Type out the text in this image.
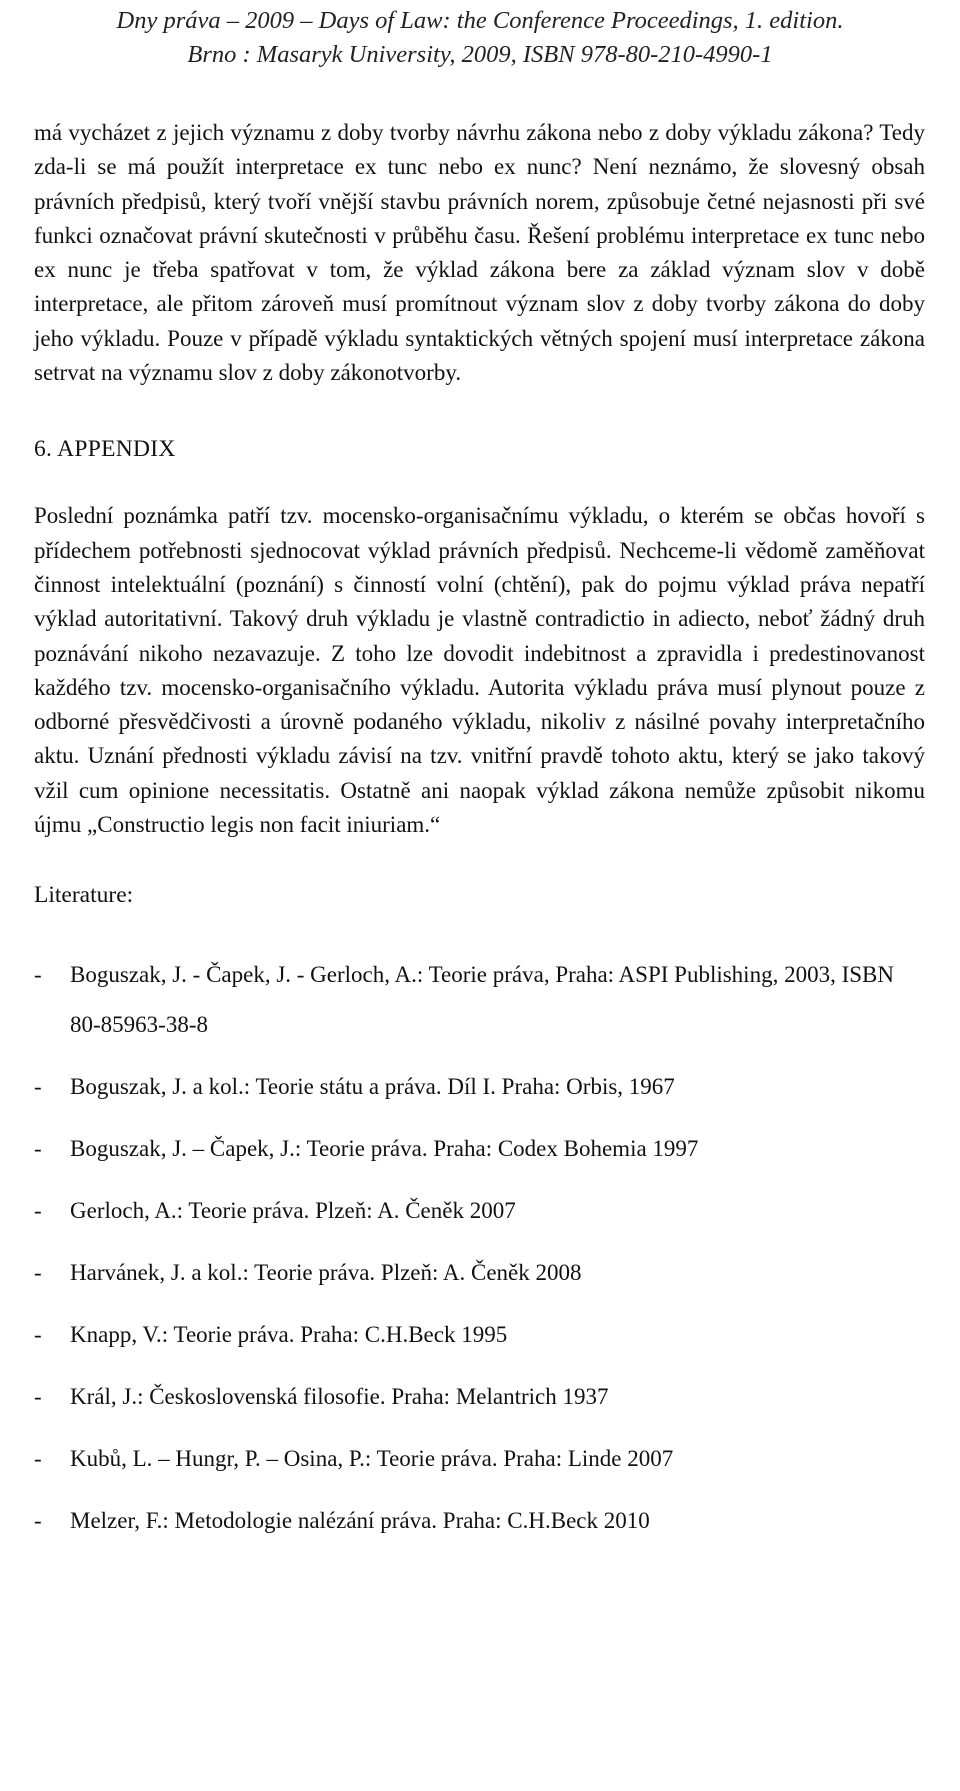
Dny práva – 2009 – Days of Law: the Conference Proceedings, 1. edition.
Brno : Masaryk University, 2009, ISBN 978-80-210-4990-1

má vycházet z jejich významu z doby tvorby návrhu zákona nebo z doby výkladu zákona? Tedy zda-li se má použít interpretace ex tunc nebo ex nunc? Není neznámo, že slovesný obsah právních předpisů, který tvoří vnější stavbu právních norem, způsobuje četné nejasnosti při své funkci označovat právní skutečnosti v průběhu času. Řešení problému interpretace ex tunc nebo ex nunc je třeba spatřovat v tom, že výklad zákona bere za základ význam slov v době interpretace, ale přitom zároveň musí promítnout význam slov z doby tvorby zákona do doby jeho výkladu. Pouze v případě výkladu syntaktických větných spojení musí interpretace zákona setrvat na významu slov z doby zákonotvorby.

6. APPENDIX

Poslední poznámka patří tzv. mocensko-organisačnímu výkladu, o kterém se občas hovoří s přídechem potřebnosti sjednocovat výklad právních předpisů. Nechceme-li vědomě zaměňovat činnost intelektuální (poznání) s činností volní (chtění), pak do pojmu výklad práva nepatří výklad autoritativní. Takový druh výkladu je vlastně contradictio in adiecto, neboť žádný druh poznávání nikoho nezavazuje. Z toho lze dovodit indebitnost a zpravidla i predestinovanost každého tzv. mocensko-organisačního výkladu. Autorita výkladu práva musí plynout pouze z odborné přesvědčivosti a úrovně podaného výkladu, nikoliv z násilné povahy interpretačního aktu. Uznání přednosti výkladu závisí na tzv. vnitřní pravdě tohoto aktu, který se jako takový vžil cum opinione necessitatis. Ostatně ani naopak výklad zákona nemůže způsobit nikomu újmu „Constructio legis non facit iniuriam.“

Literature:
- Boguszak, J. - Čapek, J. - Gerloch, A.: Teorie práva, Praha: ASPI Publishing, 2003, ISBN 80-85963-38-8
- Boguszak, J. a kol.: Teorie státu a práva. Díl I. Praha: Orbis, 1967
- Boguszak, J. – Čapek, J.: Teorie práva. Praha: Codex Bohemia 1997
- Gerloch, A.: Teorie práva. Plzeň: A. Čeněk 2007
- Harvánek, J. a kol.: Teorie práva. Plzeň: A. Čeněk 2008
- Knapp, V.: Teorie práva. Praha: C.H.Beck 1995
- Král, J.: Československá filosofie. Praha: Melantrich 1937
- Kubů, L. – Hungr, P. – Osina, P.: Teorie práva. Praha: Linde 2007
- Melzer, F.: Metodologie nalézání práva. Praha: C.H.Beck 2010
